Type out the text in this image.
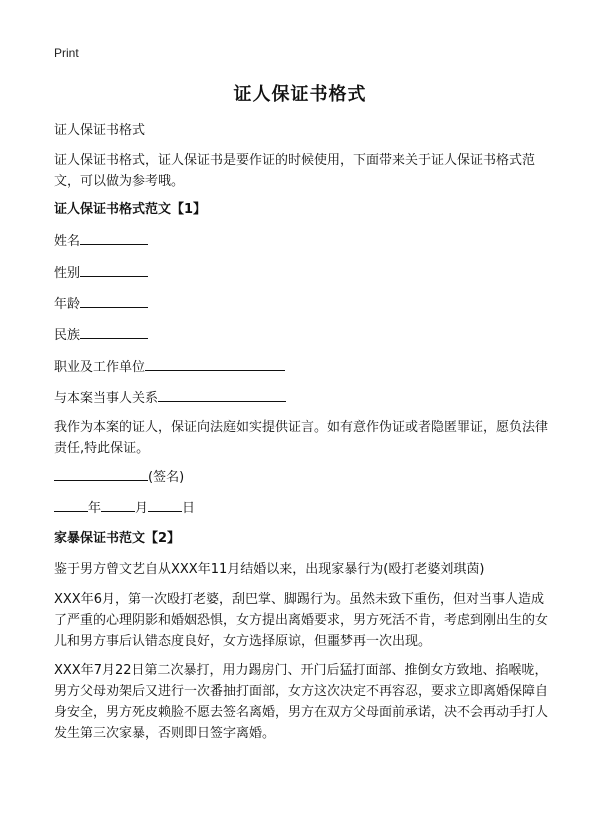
Print
证人保证书格式
证人保证书格式
证人保证书格式，证人保证书是要作证的时候使用，下面带来关于证人保证书格式范文，可以做为参考哦。
证人保证书格式范文【1】
姓名
性别
年龄
民族
职业及工作单位
与本案当事人关系
我作为本案的证人，保证向法庭如实提供证言。如有意作伪证或者隐匿罪证，愿负法律责任,特此保证。
(签名)
年	月	日
家暴保证书范文【2】
鉴于男方曾文艺自从XXX年11月结婚以来，出现家暴行为(殴打老婆刘琪茵)
XXX年6月，第一次殴打老婆，刮巴掌、脚踢行为。虽然未致下重伤，但对当事人造成了严重的心理阴影和婚姻恐惧，女方提出离婚要求，男方死活不肯，考虑到刚出生的女儿和男方事后认错态度良好，女方选择原谅，但噩梦再一次出现。
XXX年7月22日第二次暴打，用力踢房门、开门后猛打面部、推倒女方致地、掐喉咙，男方父母劝架后又进行一次番抽打面部，女方这次决定不再容忍，要求立即离婚保障自身安全，男方死皮赖脸不愿去签名离婚，男方在双方父母面前承诺，决不会再动手打人发生第三次家暴，否则即日签字离婚。
